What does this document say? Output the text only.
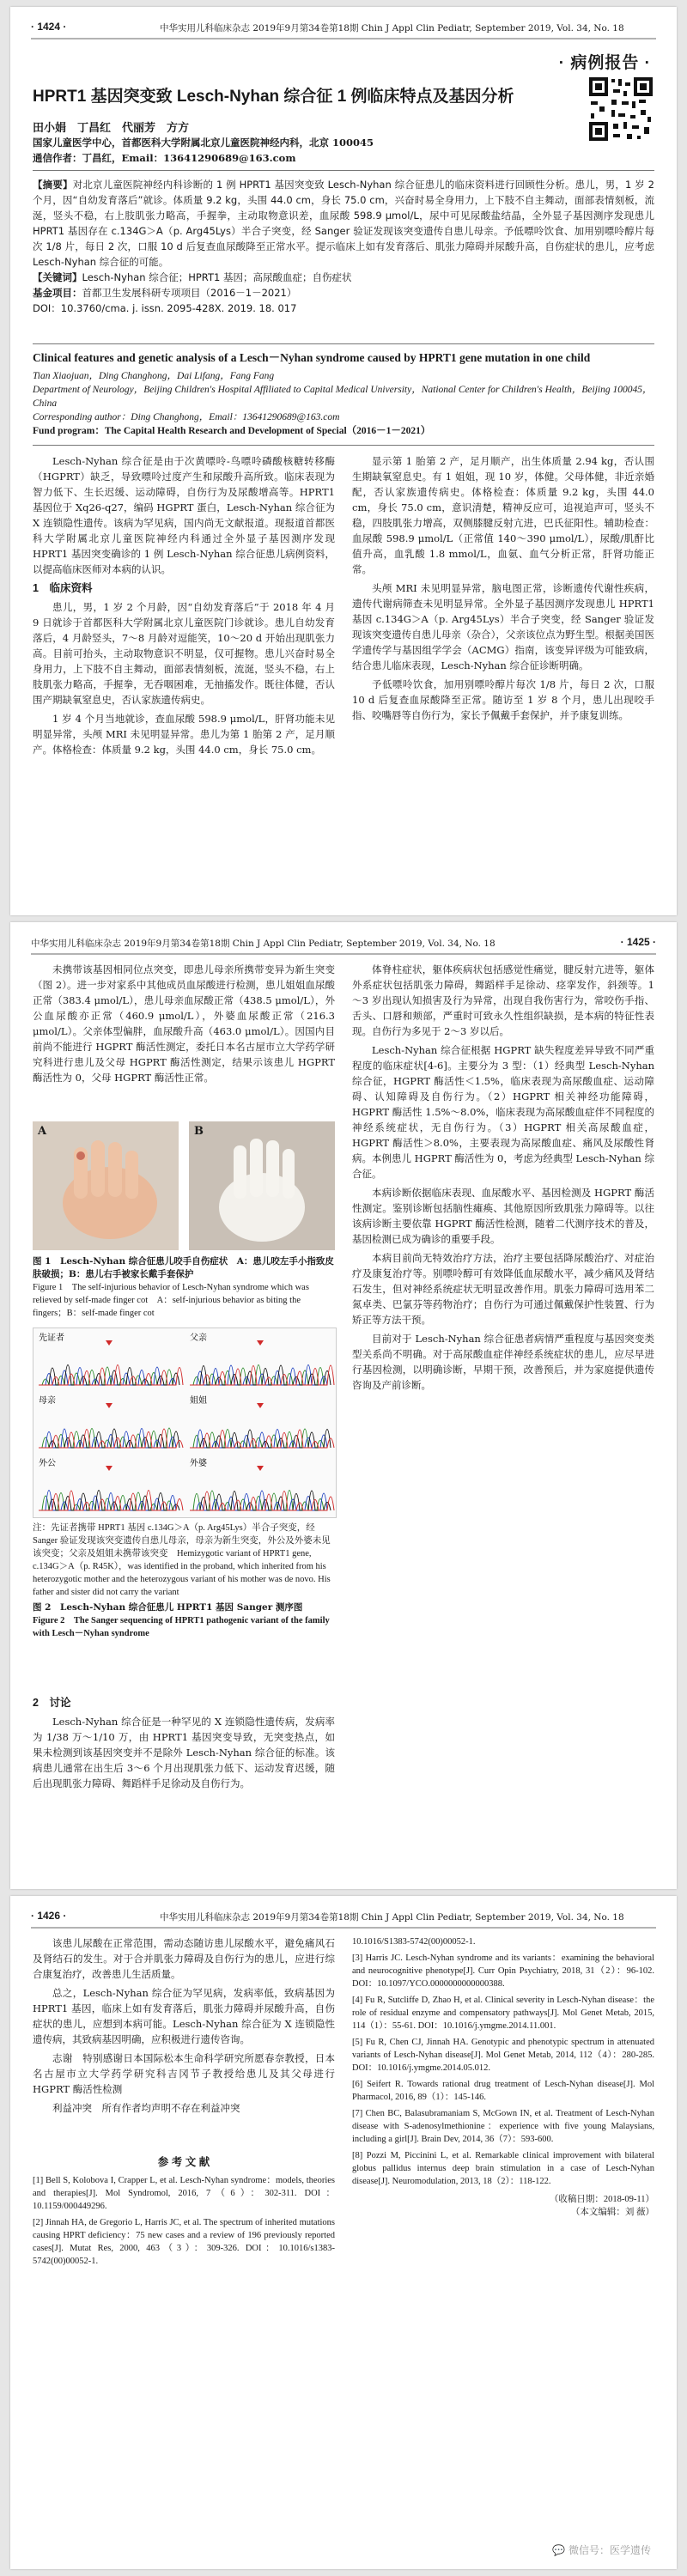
· 1424 ·	中华实用儿科临床杂志 2019年9月第34卷第18期 Chin J Appl Clin Pediatr, September 2019, Vol. 34, No. 18
· 病例报告 ·
HPRT1 基因突变致 Lesch-Nyhan 综合征 1 例临床特点及基因分析
田小娟　丁昌红　代丽芳　方方
国家儿童医学中心，首都医科大学附属北京儿童医院神经内科，北京 100045
通信作者：丁昌红，Email：13641290689@163.com
【摘要】对北京儿童医院神经内科诊断的 1 例 HPRT1 基因突变致 Lesch-Nyhan 综合征患儿的临床资料进行回顾性分析。患儿，男，1 岁 2 个月，因“自幼发育落后”就诊。体质量 9.2 kg，头围 44.0 cm，身长 75.0 cm，兴奋时易全身用力，上下肢不自主舞动，面部表情刻板，流涎，竖头不稳，右上肢肌张力略高，手握拳，主动取物意识差，血尿酸 598.9 μmol/L，尿中可见尿酸盐结晶，全外显子基因测序发现患儿 HPRT1 基因存在 c.134G＞A（p. Arg45Lys）半合子突变，经 Sanger 验证发现该突变遗传自患儿母亲。予低嘌呤饮食、加用别嘌呤醇片每次 1/8 片，每日 2 次，口服 10 d 后复查血尿酸降至正常水平。提示临床上如有发育落后、肌张力障碍并尿酸升高，自伤症状的患儿，应考虑 Lesch-Nyhan 综合征的可能。
【关键词】Lesch-Nyhan 综合征；HPRT1 基因；高尿酸血症；自伤症状
基金项目：首都卫生发展科研专项项目（2016－1－2021）
DOI：10.3760/cma. j. issn. 2095-428X. 2019. 18. 017
Clinical features and genetic analysis of a Lesch－Nyhan syndrome caused by HPRT1 gene mutation in one child
Tian Xiaojuan，Ding Changhong，Dai Lifang，Fang Fang
Department of Neurology，Beijing Children's Hospital Affiliated to Capital Medical University，National Center for Children's Health，Beijing 100045，China
Corresponding author：Ding Changhong，Email：13641290689@163.com
Fund program：The Capital Health Research and Development of Special（2016－1－2021）

Lesch-Nyhan 综合征是由于次黄嘌呤-鸟嘌呤磷酸核糖转移酶（HGPRT）缺乏，导致嘌呤过度产生和尿酸升高所致。临床表现为智力低下、生长迟缓、运动障碍，自伤行为及尿酸增高等。HPRT1 基因位于 Xq26-q27，编码 HGPRT 蛋白，Lesch-Nyhan 综合征为 X 连锁隐性遗传。该病为罕见病，国内尚无文献报道。现报道首都医科大学附属北京儿童医院神经内科通过全外显子基因测序发现 HPRT1 基因突变确诊的 1 例 Lesch-Nyhan 综合征患儿病例资料，以提高临床医师对本病的认识。

1　临床资料

患儿，男，1 岁 2 个月龄，因“自幼发育落后”于 2018 年 4 月 9 日就诊于首都医科大学附属北京儿童医院门诊就诊。患儿自幼发育落后，4 月龄竖头，7～8 月龄对逗能笑，10～20 d 开始出现肌张力高。目前可抬头，主动取物意识不明显，仅可握物。患儿兴奋时易全身用力，上下肢不自主舞动，面部表情刻板，流涎，竖头不稳，右上肢肌张力略高，手握拳，无吞咽困难，无抽搐发作。既往体健，否认围产期缺氧窒息史，否认家族遗传病史。

1 岁 4 个月当地就诊，查血尿酸 598.9 μmol/L，肝肾功能未见明显异常，头颅 MRI 未见明显异常。患儿为第 1 胎第 2 产，足月顺产。体格检查：体质量 9.2 kg，头围 44.0 cm，身长 75.0 cm。

显示第 1 胎第 2 产，足月顺产，出生体质量 2.94 kg，否认围生期缺氧窒息史。有 1 姐姐，现 10 岁，体健。父母体健，非近亲婚配，否认家族遗传病史。体格检查：体质量 9.2 kg，头围 44.0 cm，身长 75.0 cm，意识清楚，精神反应可，追视追声可，竖头不稳，四肢肌张力增高，双侧膝腱反射亢进，巴氏征阳性。辅助检查：血尿酸 598.9 μmol/L（正常值 140～390 μmol/L），尿酸/肌酐比值升高，血乳酸 1.8 mmol/L，血氨、血气分析正常，肝肾功能正常。

头颅 MRI 未见明显异常，脑电图正常，诊断遗传代谢性疾病，遗传代谢病筛查未见明显异常。全外显子基因测序发现患儿 HPRT1 基因 c.134G＞A（p. Arg45Lys）半合子突变，经 Sanger 验证发现该突变遗传自患儿母亲（杂合），父亲该位点为野生型。根据美国医学遗传学与基因组学学会（ACMG）指南，该变异评级为可能致病，结合患儿临床表现，Lesch-Nyhan 综合征诊断明确。

予低嘌呤饮食，加用别嘌呤醇片每次 1/8 片，每日 2 次，口服 10 d 后复查血尿酸降至正常。随访至 1 岁 8 个月，患儿出现咬手指、咬嘴唇等自伤行为，家长予佩戴手套保护，并予康复训练。

中华实用儿科临床杂志 2019年9月第34卷第18期 Chin J Appl Clin Pediatr, September 2019, Vol. 34, No. 18	· 1425 ·

未携带该基因相同位点突变，即患儿母亲所携带变异为新生突变（图 2）。进一步对家系中其他成员血尿酸进行检测，患儿姐姐血尿酸正常（383.4 μmol/L），患儿母亲血尿酸正常（438.5 μmol/L），外公血尿酸亦正常（460.9 μmol/L），外婆血尿酸正常（216.3 μmol/L）。父亲体型偏胖，血尿酸升高（463.0 μmol/L）。因国内目前尚不能进行 HGPRT 酶活性测定，委托日本名古屋市立大学药学研究科进行患儿及父母 HGPRT 酶活性测定，结果示该患儿 HGPRT 酶活性为 0，父母 HGPRT 酶活性正常。

A	B
图 1　Lesch-Nyhan 综合征患儿咬手自伤症状　A：患儿咬左手小指致皮肤破损；B：患儿右手被家长戴手套保护
Figure 1　The self-injurious behavior of Lesch-Nyhan syndrome which was relieved by self-made finger cot　A：self-injurious behavior as biting the fingers；B：self-made finger cot
先证者	父亲
母亲	姐姐
外公	外婆
注：先证者携带 HPRT1 基因 c.134G＞A（p. Arg45Lys）半合子突变，经 Sanger 验证发现该突变遗传自患儿母亲，母亲为新生突变，外公及外婆未见该突变；父亲及姐姐未携带该突变　Hemizygotic variant of HPRT1 gene, c.134G＞A（p. R45K），was identified in the proband, which inherited from his heterozygotic mother and the heterozygous variant of his mother was de novo. His father and sister did not carry the variant
图 2　Lesch-Nyhan 综合征患儿 HPRT1 基因 Sanger 测序图
Figure 2　The Sanger sequencing of HPRT1 pathogenic variant of the family with Lesch－Nyhan syndrome
2　讨论

Lesch-Nyhan 综合征是一种罕见的 X 连锁隐性遗传病，发病率为 1/38 万～1/10 万，由 HPRT1 基因突变导致，无突变热点，如果未检测到该基因突变并不是除外 Lesch-Nyhan 综合征的标准。该病患儿通常在出生后 3～6 个月出现肌张力低下、运动发育迟缓，随后出现肌张力障碍、舞蹈样手足徐动及自伤行为。

体脊柱症状，躯体疾病状包括感觉性痛觉，腱反射亢进等，躯体外系症状包括肌张力障碍，舞蹈样手足徐动、痉挛发作，斜颈等。1～3 岁出现认知损害及行为异常，出现自我伤害行为，常咬伤手指、舌头、口唇和颊部，严重时可致永久性组织缺损，是本病的特征性表现。自伤行为多见于 2～3 岁以后。

Lesch-Nyhan 综合征根据 HGPRT 缺失程度差异导致不同严重程度的临床症状[4-6]。主要分为 3 型：（1）经典型 Lesch-Nyhan 综合征，HGPRT 酶活性＜1.5%，临床表现为高尿酸血症、运动障碍、认知障碍及自伤行为。（2）HGPRT 相关神经功能障碍，HGPRT 酶活性 1.5%～8.0%，临床表现为高尿酸血症伴不同程度的神经系统症状，无自伤行为。（3）HGPRT 相关高尿酸血症，HGPRT 酶活性＞8.0%，主要表现为高尿酸血症、痛风及尿酸性肾病。本例患儿 HGPRT 酶活性为 0，考虑为经典型 Lesch-Nyhan 综合征。

本病诊断依据临床表现、血尿酸水平、基因检测及 HGPRT 酶活性测定。鉴别诊断包括脑性瘫痪、其他原因所致肌张力障碍等。以往该病诊断主要依靠 HGPRT 酶活性检测，随着二代测序技术的普及，基因检测已成为确诊的重要手段。

本病目前尚无特效治疗方法，治疗主要包括降尿酸治疗、对症治疗及康复治疗等。别嘌呤醇可有效降低血尿酸水平，减少痛风及肾结石发生，但对神经系统症状无明显改善作用。肌张力障碍可选用苯二氮卓类、巴氯芬等药物治疗；自伤行为可通过佩戴保护性装置、行为矫正等方法干预。

目前对于 Lesch-Nyhan 综合征患者病情严重程度与基因突变类型关系尚不明确。对于高尿酸血症伴神经系统症状的患儿，应尽早进行基因检测，以明确诊断，早期干预，改善预后，并为家庭提供遗传咨询及产前诊断。

· 1426 ·	中华实用儿科临床杂志 2019年9月第34卷第18期 Chin J Appl Clin Pediatr, September 2019, Vol. 34, No. 18

该患儿尿酸在正常范围，需动态随访患儿尿酸水平，避免痛风石及肾结石的发生。对于合并肌张力障碍及自伤行为的患儿，应进行综合康复治疗，改善患儿生活质量。

总之，Lesch-Nyhan 综合征为罕见病，发病率低，致病基因为 HPRT1 基因，临床上如有发育落后，肌张力障碍并尿酸升高，自伤症状的患儿，应想到本病可能。Lesch-Nyhan 综合征为 X 连锁隐性遗传病，其致病基因明确，应积极进行遗传咨询。

志谢　特别感谢日本国际松本生命科学研究所愿春奈教授，日本名古屋市立大学药学研究科吉冈节子教授给患儿及其父母进行 HGPRT 酶活性检测

利益冲突　所有作者均声明不存在利益冲突

参 考 文 献

[1] Bell S, Kolobova I, Crapper L, et al. Lesch-Nyhan syndrome：models, theories and therapies[J]. Mol Syndromol, 2016, 7（6）：302-311. DOI：10.1159/000449296.

[2] Jinnah HA, de Gregorio L, Harris JC, et al. The spectrum of inherited mutations causing HPRT deficiency：75 new cases and a review of 196 previously reported cases[J]. Mutat Res, 2000, 463（3）：309-326. DOI：10.1016/s1383-5742(00)00052-1.

10.1016/S1383-5742(00)00052-1.

[3] Harris JC. Lesch-Nyhan syndrome and its variants：examining the behavioral and neurocognitive phenotype[J]. Curr Opin Psychiatry, 2018, 31（2）：96-102. DOI：10.1097/YCO.0000000000000388.

[4] Fu R, Sutcliffe D, Zhao H, et al. Clinical severity in Lesch-Nyhan disease：the role of residual enzyme and compensatory pathways[J]. Mol Genet Metab, 2015, 114（1）：55-61. DOI：10.1016/j.ymgme.2014.11.001.

[5] Fu R, Chen CJ, Jinnah HA. Genotypic and phenotypic spectrum in attenuated variants of Lesch-Nyhan disease[J]. Mol Genet Metab, 2014, 112（4）：280-285. DOI：10.1016/j.ymgme.2014.05.012.

[6] Seifert R. Towards rational drug treatment of Lesch-Nyhan disease[J]. Mol Pharmacol, 2016, 89（1）：145-146.

[7] Chen BC, Balasubramaniam S, McGown IN, et al. Treatment of Lesch-Nyhan disease with S-adenosylmethionine：experience with five young Malaysians, including a girl[J]. Brain Dev, 2014, 36（7）：593-600.

[8] Pozzi M, Piccinini L, et al. Remarkable clinical improvement with bilateral globus pallidus internus deep brain stimulation in a case of Lesch-Nyhan disease[J]. Neuromodulation, 2013, 18（2）：118-122.

（收稿日期：2018-09-11）
（本文编辑：刘 薇）
💬 微信号：医学遗传
